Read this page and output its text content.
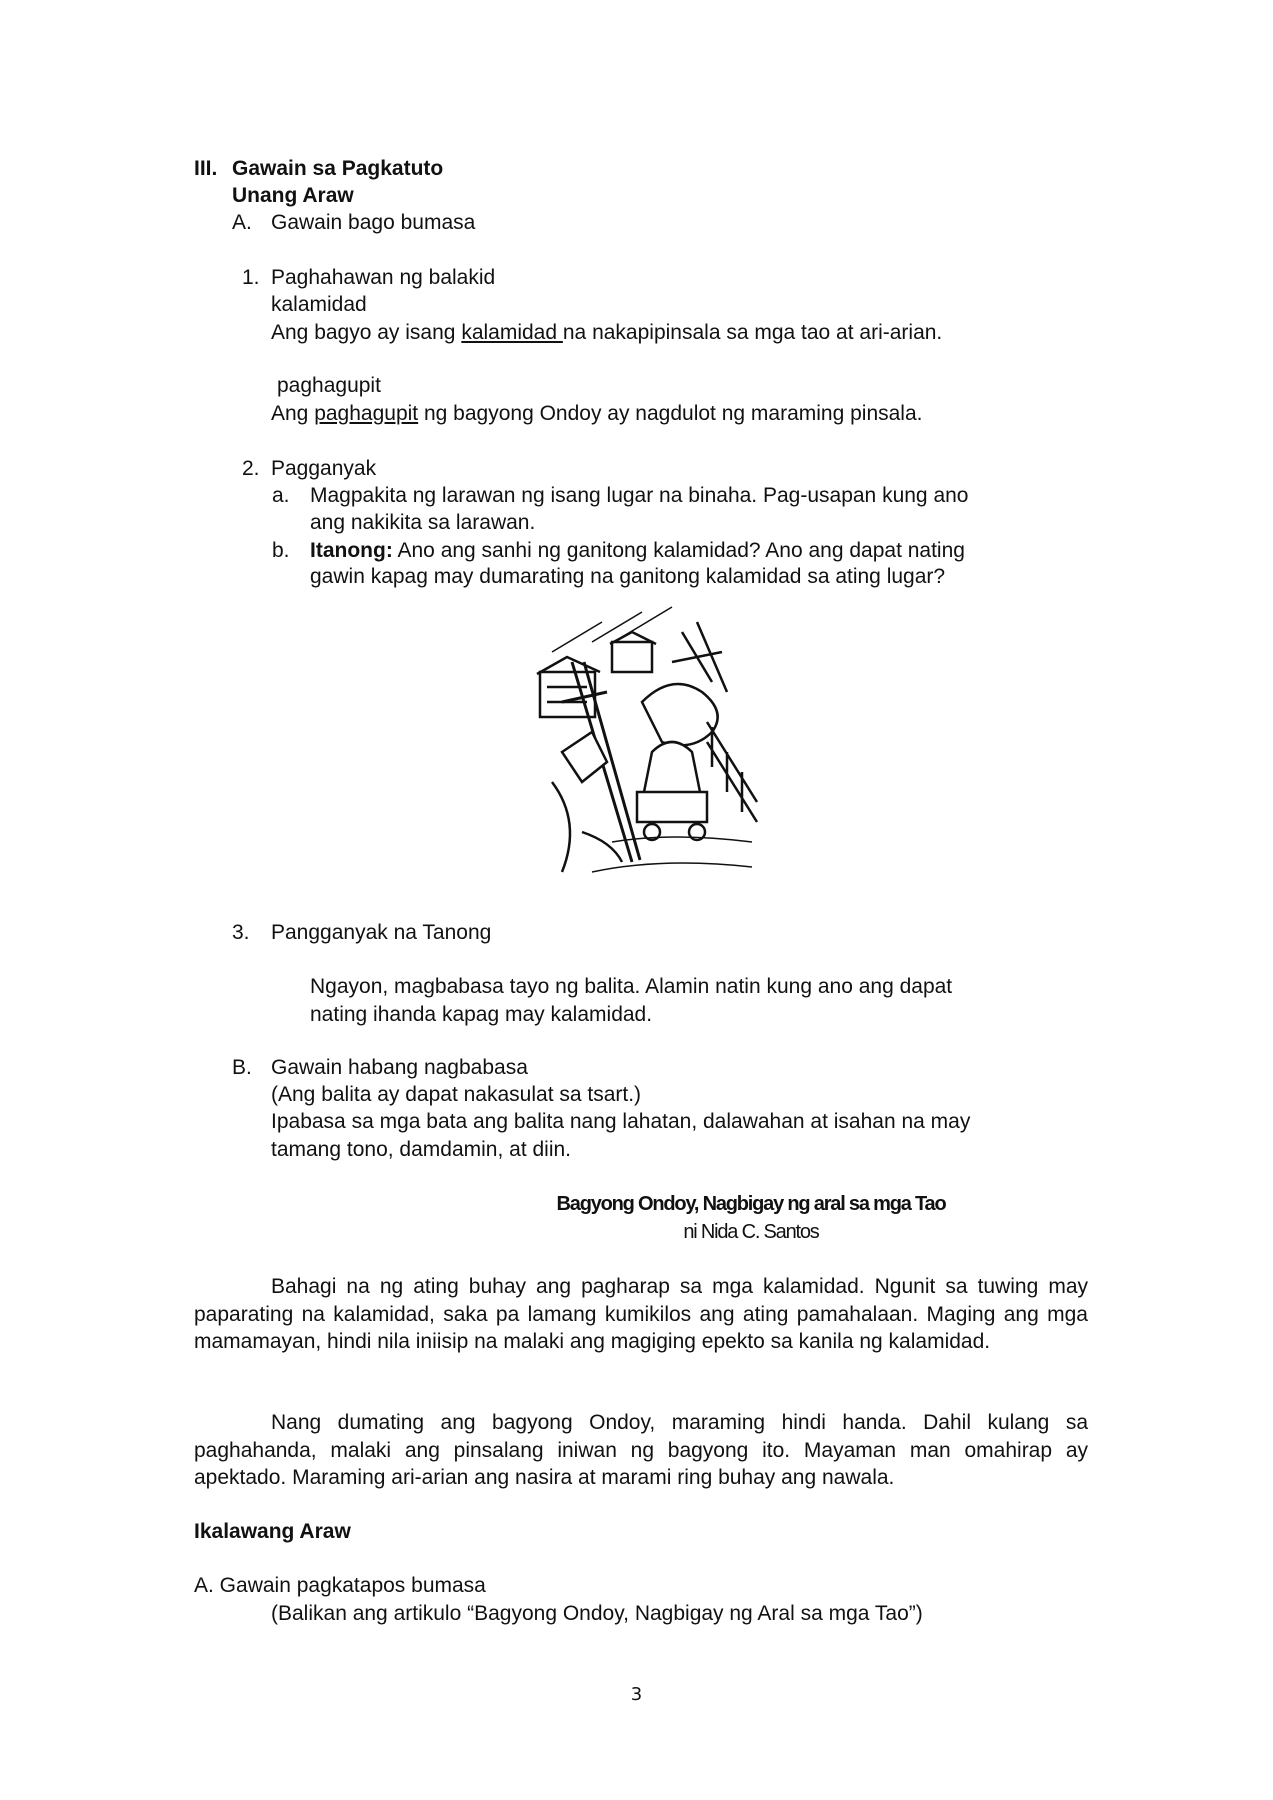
III. Gawain sa Pagkatuto
Unang Araw
A. Gawain bago bumasa
1. Paghahawan ng balakid
kalamidad
Ang bagyo ay isang kalamidad na nakapipinsala sa mga tao at ari-arian.
paghagupit
Ang paghagupit ng bagyong Ondoy ay nagdulot ng maraming pinsala.
2. Pagganyak
a. Magpakita ng larawan ng isang lugar na binaha. Pag-usapan kung ano
ang nakikita sa larawan.
b. Itanong: Ano ang sanhi ng ganitong kalamidad? Ano ang dapat nating
gawin kapag may dumarating na ganitong kalamidad sa ating lugar?
3. Pangganyak na Tanong
Ngayon, magbabasa tayo ng balita. Alamin natin kung ano ang dapat
nating ihanda kapag may kalamidad.
B. Gawain habang nagbabasa
(Ang balita ay dapat nakasulat sa tsart.)
Ipabasa sa mga bata ang balita nang lahatan, dalawahan at isahan na may
tamang tono, damdamin, at diin.
Bagyong Ondoy, Nagbigay ng aral sa mga Tao
ni Nida C. Santos
Bahagi na ng ating buhay ang pagharap sa mga kalamidad. Ngunit sa tuwing may paparating na kalamidad, saka pa lamang kumikilos ang ating pamahalaan. Maging ang mga mamamayan, hindi nila iniisip na malaki ang magiging epekto sa kanila ng kalamidad.
Nang dumating ang bagyong Ondoy, maraming hindi handa. Dahil kulang sa paghahanda, malaki ang pinsalang iniwan ng bagyong ito. Mayaman man omahirap ay apektado. Maraming ari-arian ang nasira at marami ring buhay ang nawala.
Ikalawang Araw
A. Gawain pagkatapos bumasa
(Balikan ang artikulo “Bagyong Ondoy, Nagbigay ng Aral sa mga Tao”)
3
